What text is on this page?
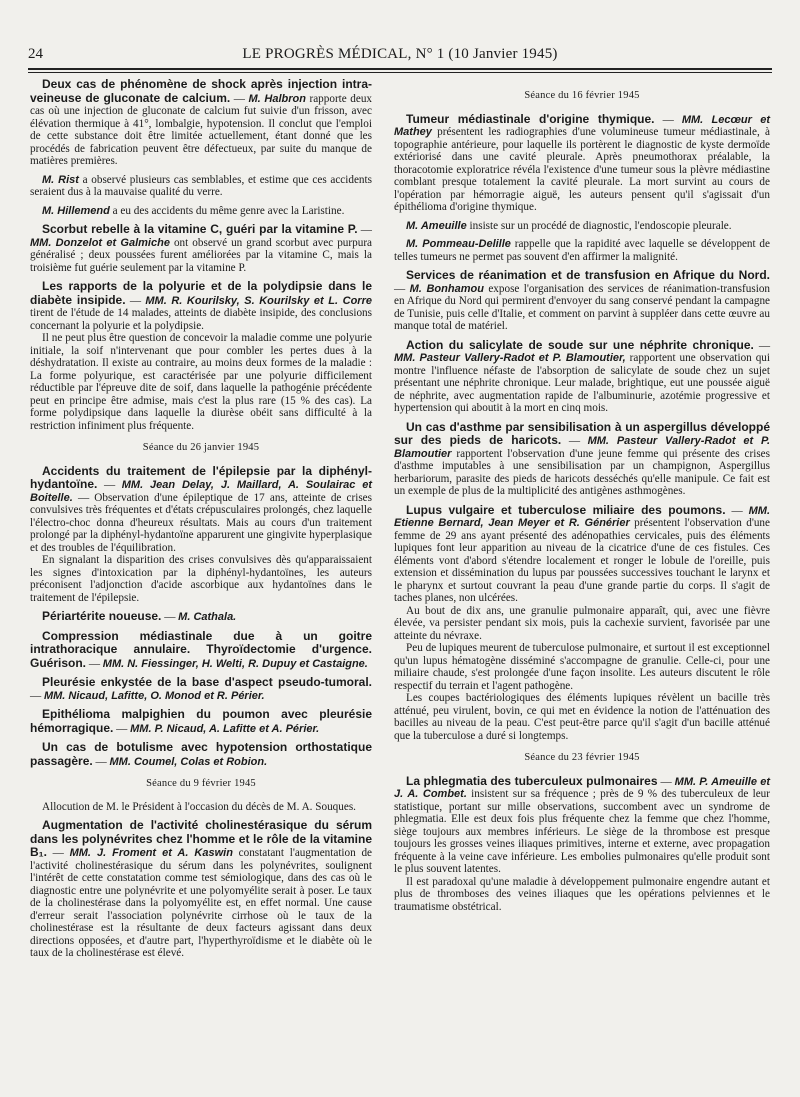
24	LE PROGRÈS MÉDICAL, N° 1 (10 Janvier 1945)

Deux cas de phénomène de shock après injection intra-veineuse de gluconate de calcium. — M. Halbron rapporte deux cas où une injection de gluconate de calcium fut suivie d'un frisson, avec élévation thermique à 41°, lombalgie, hypotension. Il conclut que l'emploi de cette substance doit être limitée actuellement, étant donné que les procédés de fabrication peuvent être défectueux, par suite du manque de matières premières.

M. Rist a observé plusieurs cas semblables, et estime que ces accidents seraient dus à la mauvaise qualité du verre.

M. Hillemend a eu des accidents du même genre avec la Laristine.

Scorbut rebelle à la vitamine C, guéri par la vitamine P. — MM. Donzelot et Galmiche ont observé un grand scorbut avec purpura généralisé ; deux poussées furent améliorées par la vitamine C, mais la troisième fut guérie seulement par la vitamine P.

Les rapports de la polyurie et de la polydipsie dans le diabète insipide. — MM. R. Kourilsky, S. Kourilsky et L. Corre tirent de l'étude de 14 malades, atteints de diabète insipide, des conclusions concernant la polyurie et la polydipsie.

Il ne peut plus être question de concevoir la maladie comme une polyurie initiale, la soif n'intervenant que pour combler les pertes dues à la déshydratation. Il existe au contraire, au moins deux formes de la maladie : La forme polyurique, est caractérisée par une polyurie difficilement réductible par l'épreuve dite de soif, dans laquelle la pathogénie précédente peut en principe être admise, mais c'est la plus rare (15 % des cas). La forme polydipsique dans laquelle la diurèse obéit sans difficulté à la restriction infiniment plus fréquente.

Séance du 26 janvier 1945

Accidents du traitement de l'épilepsie par la diphényl-hydantoïne. — MM. Jean Delay, J. Maillard, A. Soulairac et Boitelle. — Observation d'une épileptique de 17 ans, atteinte de crises convulsives très fréquentes et d'états crépusculaires prolongés, chez laquelle l'électro-choc donna d'heureux résultats. Mais au cours d'un traitement prolongé par la diphényl-hydantoïne apparurent une gingivite hyperplasique et des troubles de l'équilibration.

En signalant la disparition des crises convulsives dès qu'apparaissaient les signes d'intoxication par la diphényl-hydantoïnes, les auteurs préconisent l'adjonction d'acide ascorbique aux hydantoïnes dans le traitement de l'épilepsie.

Périartérite noueuse. — M. Cathala.

Compression médiastinale due à un goitre intrathoracique annulaire. Thyroïdectomie d'urgence. Guérison. — MM. N. Fiessinger, H. Welti, R. Dupuy et Castaigne.

Pleurésie enkystée de la base d'aspect pseudo-tumoral. — MM. Nicaud, Lafitte, O. Monod et R. Périer.

Epithélioma malpighien du poumon avec pleurésie hémorragique. — MM. P. Nicaud, A. Lafitte et A. Périer.

Un cas de botulisme avec hypotension orthostatique passagère. — MM. Coumel, Colas et Robion.

Séance du 9 février 1945

Allocution de M. le Président à l'occasion du décès de M. A. Souques.

Augmentation de l'activité cholinestérasique du sérum dans les polynévrites chez l'homme et le rôle de la vitamine B₁. — MM. J. Froment et A. Kaswin constatant l'augmentation de l'activité cholinestérasique du sérum dans les polynévrites, soulignent l'intérêt de cette constatation comme test sémiologique, dans des cas où le diagnostic entre une polynévrite et une polyomyélite serait à poser. Le taux de la cholinestérase dans la polyomyélite est, en effet normal. Une cause d'erreur serait l'association polynévrite cirrhose où le taux de la cholinestérase est la résultante de deux facteurs agissant dans deux directions opposées, et d'autre part, l'hyperthyroïdisme et le diabète où le taux de la cholinestérase est élevé.

Séance du 16 février 1945

Tumeur médiastinale d'origine thymique. — MM. Lecœur et Mathey présentent les radiographies d'une volumineuse tumeur médiastinale, à topographie antérieure, pour laquelle ils portèrent le diagnostic de kyste dermoïde extériorisé dans une cavité pleurale. Après pneumothorax préalable, la thoracotomie exploratrice révéla l'existence d'une tumeur sous la plèvre médiastine comblant presque totalement la cavité pleurale. La mort survint au cours de l'opération par hémorragie aiguë, les auteurs pensent qu'il s'agissait d'un épithélioma d'origine thymique.

M. Ameuille insiste sur un procédé de diagnostic, l'endoscopie pleurale.

M. Pommeau-Delille rappelle que la rapidité avec laquelle se développent de telles tumeurs ne permet pas souvent d'en affirmer la malignité.

Services de réanimation et de transfusion en Afrique du Nord. — M. Bonhamou expose l'organisation des services de réanimation-transfusion en Afrique du Nord qui permirent d'envoyer du sang conservé pendant la campagne de Tunisie, puis celle d'Italie, et comment on parvint à suppléer dans cette œuvre au manque total de matériel.

Action du salicylate de soude sur une néphrite chronique. — MM. Pasteur Vallery-Radot et P. Blamoutier, rapportent une observation qui montre l'influence néfaste de l'absorption de salicylate de soude chez un sujet présentant une néphrite chronique. Leur malade, brightique, eut une poussée aiguë de néphrite, avec augmentation rapide de l'albuminurie, azotémie progressive et hypertension qui aboutit à la mort en cinq mois.

Un cas d'asthme par sensibilisation à un aspergillus développé sur des pieds de haricots. — MM. Pasteur Vallery-Radot et P. Blamoutier rapportent l'observation d'une jeune femme qui présente des crises d'asthme imputables à une sensibilisation par un champignon, Aspergillus herbariorum, parasite des pieds de haricots desséchés qu'elle manipule. Ce fait est un exemple de plus de la multiplicité des antigènes asthmogènes.

Lupus vulgaire et tuberculose miliaire des poumons. — MM. Etienne Bernard, Jean Meyer et R. Générier présentent l'observation d'une femme de 29 ans ayant présenté des adénopathies cervicales, puis des éléments lupiques font leur apparition au niveau de la cicatrice d'une de ces fistules. Ces éléments vont d'abord s'étendre localement et ronger le lobule de l'oreille, puis extension et dissémination du lupus par poussées successives touchant le larynx et le pharynx et surtout couvrant la peau d'une grande partie du corps. Il s'agit de taches planes, non ulcérées.

Au bout de dix ans, une granulie pulmonaire apparaît, qui, avec une fièvre élevée, va persister pendant six mois, puis la cachexie survient, favorisée par une atteinte du névraxe.

Peu de lupiques meurent de tuberculose pulmonaire, et surtout il est exceptionnel qu'un lupus hématogène disséminé s'accompagne de granulie. Celle-ci, pour une miliaire chaude, s'est prolongée d'une façon insolite. Les auteurs discutent le rôle respectif du terrain et l'agent pathogène.

Les coupes bactériologiques des éléments lupiques révèlent un bacille très atténué, peu virulent, bovin, ce qui met en évidence la notion de l'atténuation des bacilles au niveau de la peau. C'est peut-être parce qu'il s'agit d'un bacille atténué que la tuberculose a duré si longtemps.

Séance du 23 février 1945

La phlegmatia des tuberculeux pulmonaires — MM. P. Ameuille et J. A. Combet. insistent sur sa fréquence ; près de 9 % des tuberculeux de leur statistique, portant sur mille observations, succombent avec un syndrome de phlegmatia. Elle est deux fois plus fréquente chez la femme que chez l'homme, siège toujours aux membres inférieurs. Le siège de la thrombose est presque toujours les grosses veines iliaques primitives, interne et externe, avec propagation fréquente à la veine cave inférieure. Les embolies pulmonaires qu'elle produit sont le plus souvent latentes.

Il est paradoxal qu'une maladie à développement pulmonaire engendre autant et plus de thromboses des veines iliaques que les opérations pelviennes et le traumatisme obstétrical.
